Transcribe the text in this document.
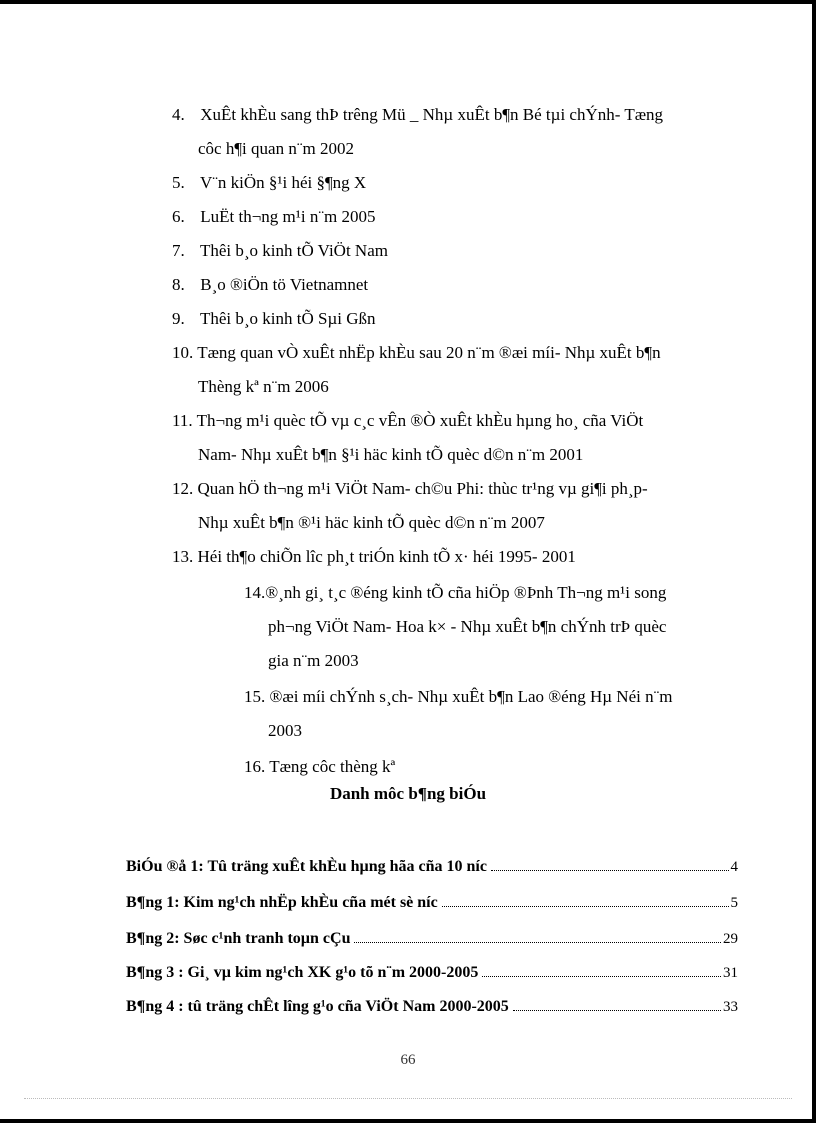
4. XuÊt khÈu sang thÞ trêng Mü _ Nhµ xuÊt b¶n Bé tµi chÝnh- Tæng
côc h¶i quan n¨m 2002
5. V¨n kiÖn §¹i héi §¶ng X
6. LuËt th¬ng m¹i n¨m 2005
7. Thêi b¸o kinh tÕ ViÖt Nam
8. B¸o ®iÖn tö Vietnamnet
9. Thêi b¸o kinh tÕ Sµi Gßn
10. Tæng quan vÒ xuÊt nhËp khÈu sau 20 n¨m ®æi míi- Nhµ xuÊt b¶n
Thèng kª n¨m 2006
11. Th¬ng m¹i quèc tÕ vµ c¸c vÊn ®Ò xuÊt khÈu hµng ho¸ cña ViÖt
Nam- Nhµ xuÊt b¶n §¹i häc kinh tÕ quèc d©n n¨m 2001
12. Quan hÖ th¬ng m¹i ViÖt Nam- ch©u Phi: thùc tr¹ng vµ gi¶i ph¸p-
Nhµ xuÊt b¶n ®¹i häc kinh tÕ quèc d©n n¨m 2007
13. Héi th¶o chiÕn lîc ph¸t triÓn kinh tÕ x· héi 1995- 2001
14.®¸nh gi¸ t¸c ®éng kinh tÕ cña hiÖp ®Þnh Th¬ng m¹i song
ph¬ng ViÖt Nam- Hoa k× - Nhµ xuÊt b¶n chÝnh trÞ quèc
gia n¨m 2003
15. ®æi míi chÝnh s¸ch- Nhµ xuÊt b¶n Lao ®éng Hµ Néi n¨m
2003
16. Tæng côc thèng kª
Danh môc b¶ng biÓu
BiÓu ®å 1: Tû träng xuÊt khÈu hµng hãa cña 10 níc	4
B¶ng 1: Kim ng¹ch nhËp khÈu cña mét sè níc	5
B¶ng 2: Søc c¹nh tranh toµn cÇu	29
B¶ng 3 : Gi¸ vµ kim ng¹ch XK g¹o tõ n¨m 2000-2005	31
B¶ng 4 : tû träng chÊt lîng g¹o cña ViÖt Nam 2000-2005	33
66
